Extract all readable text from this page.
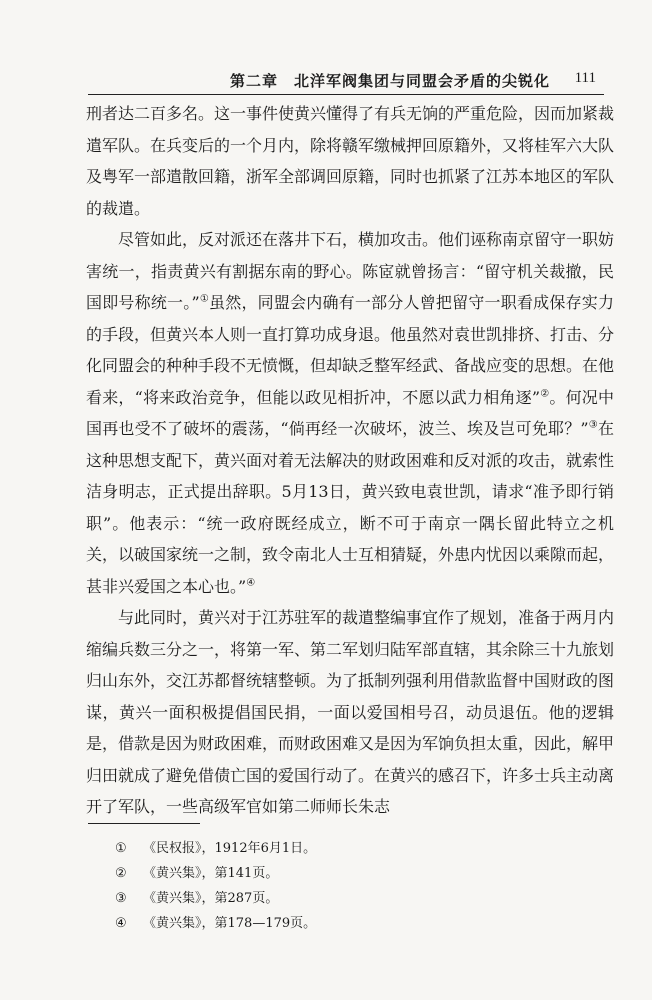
第二章　北洋军阀集团与同盟会矛盾的尖锐化 111

刑者达二百多名。这一事件使黄兴懂得了有兵无饷的严重危险，因而加紧裁遣军队。在兵变后的一个月内，除将赣军缴械押回原籍外，又将桂军六大队及粤军一部遣散回籍，浙军全部调回原籍，同时也抓紧了江苏本地区的军队的裁遣。

尽管如此，反对派还在落井下石，横加攻击。他们诬称南京留守一职妨害统一，指责黄兴有割据东南的野心。陈宧就曾扬言：“留守机关裁撤，民国即号称统一。”①虽然，同盟会内确有一部分人曾把留守一职看成保存实力的手段，但黄兴本人则一直打算功成身退。他虽然对袁世凯排挤、打击、分化同盟会的种种手段不无愤慨，但却缺乏整军经武、备战应变的思想。在他看来，“将来政治竞争，但能以政见相折冲，不愿以武力相角逐”②。何况中国再也受不了破坏的震荡，“倘再经一次破坏，波兰、埃及岂可免耶？”③在这种思想支配下，黄兴面对着无法解决的财政困难和反对派的攻击，就索性洁身明志，正式提出辞职。5月13日，黄兴致电袁世凯，请求“准予即行销职”。他表示：“统一政府既经成立，断不可于南京一隅长留此特立之机关，以破国家统一之制，致令南北人士互相猜疑，外患内忧因以乘隙而起，甚非兴爱国之本心也。”④

与此同时，黄兴对于江苏驻军的裁遣整编事宜作了规划，准备于两月内缩编兵数三分之一，将第一军、第二军划归陆军部直辖，其余除三十九旅划归山东外，交江苏都督统辖整顿。为了抵制列强利用借款监督中国财政的图谋，黄兴一面积极提倡国民捐，一面以爱国相号召，动员退伍。他的逻辑是，借款是因为财政困难，而财政困难又是因为军饷负担太重，因此，解甲归田就成了避免借债亡国的爱国行动了。在黄兴的感召下，许多士兵主动离开了军队，一些高级军官如第二师师长朱志

① 《民权报》，1912年6月1日。
② 《黄兴集》，第141页。
③ 《黄兴集》，第287页。
④ 《黄兴集》，第178—179页。
